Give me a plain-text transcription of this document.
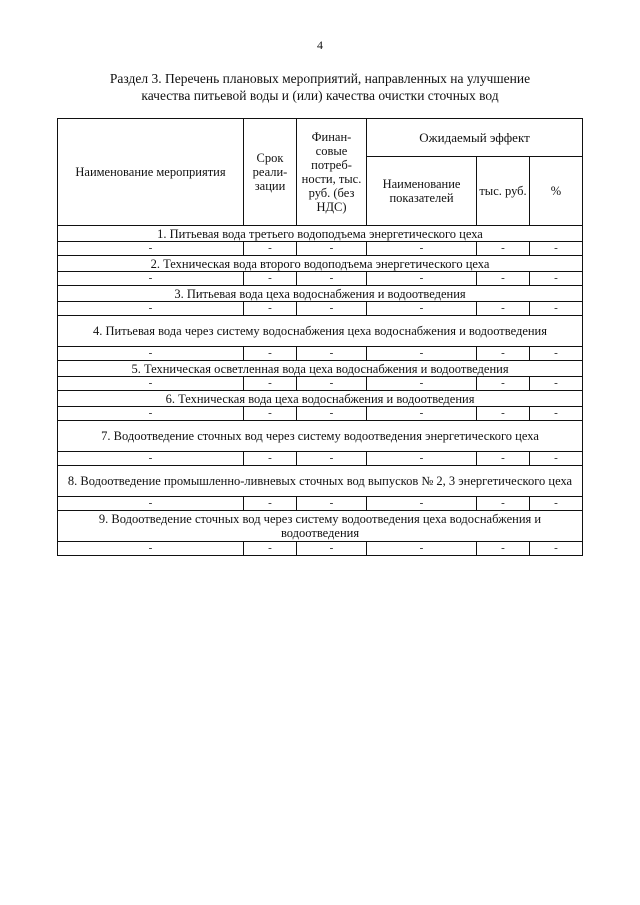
4
Раздел 3. Перечень плановых мероприятий, направленных на улучшение
качества питьевой воды и (или) качества очистки сточных вод
Наименование мероприятия	Срок реали-зации	Финан-совые потреб-ности, тыс. руб. (без НДС)	Ожидаемый эффект		
			Наименование показателей	тыс. руб.	%
1. Питьевая вода третьего водоподъема энергетического цеха					
-	-	-	-	-	-
2. Техническая вода второго водоподъема энергетического цеха					
-	-	-	-	-	-
3. Питьевая вода цеха водоснабжения и водоотведения					
-	-	-	-	-	-
4. Питьевая вода через систему водоснабжения цеха водоснабжения и водоотведения					
-	-	-	-	-	-
5. Техническая осветленная вода цеха водоснабжения и водоотведения					
-	-	-	-	-	-
6. Техническая вода цеха водоснабжения и водоотведения					
-	-	-	-	-	-
7. Водоотведение сточных вод через систему водоотведения энергетического цеха					
-	-	-	-	-	-
8. Водоотведение промышленно-ливневых сточных вод выпусков № 2, 3 энергетического цеха					
-	-	-	-	-	-
9. Водоотведение сточных вод через систему водоотведения цеха водоснабжения и водоотведения					
-	-	-	-	-	-
